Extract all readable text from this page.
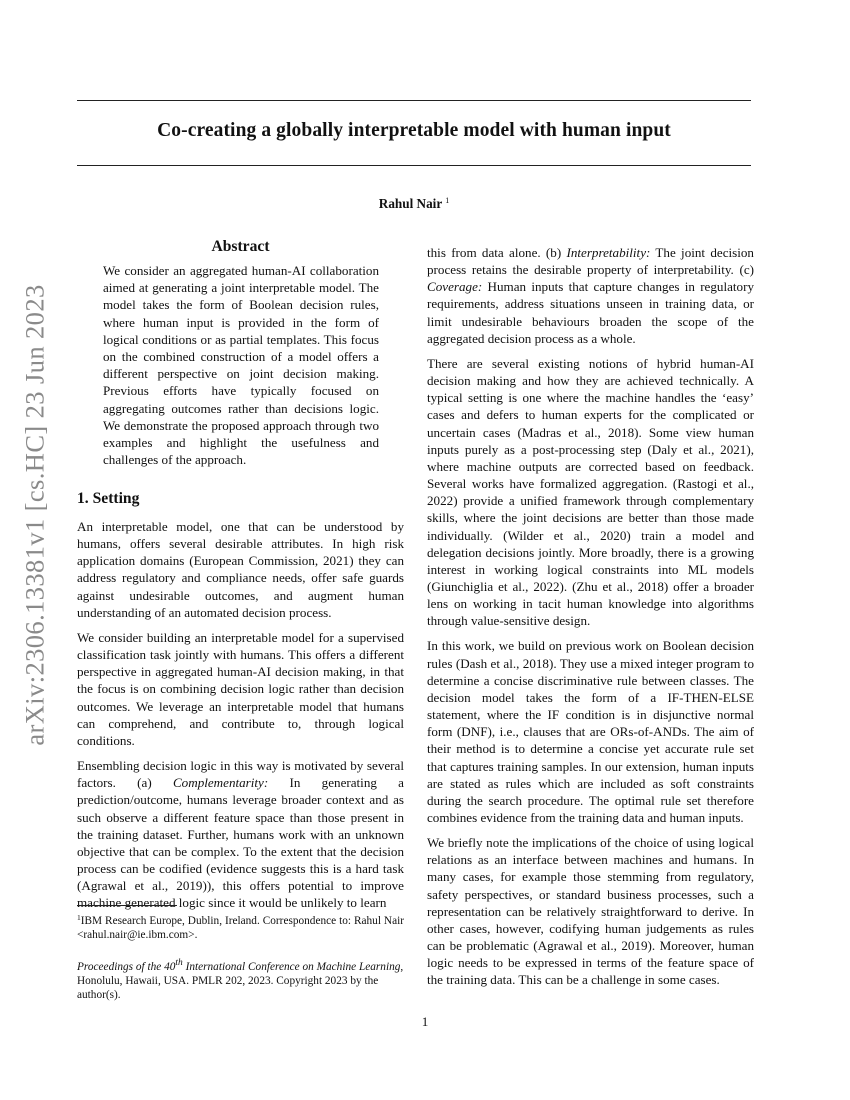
Co-creating a globally interpretable model with human input
Rahul Nair $^1$
arXiv:2306.13381v1 [cs.HC] 23 Jun 2023
Abstract
We consider an aggregated human-AI collaboration aimed at generating a joint interpretable model. The model takes the form of Boolean decision rules, where human input is provided in the form of logical conditions or as partial templates. This focus on the combined construction of a model offers a different perspective on joint decision making. Previous efforts have typically focused on aggregating outcomes rather than decisions logic. We demonstrate the proposed approach through two examples and highlight the usefulness and challenges of the approach.
1. Setting

An interpretable model, one that can be understood by humans, offers several desirable attributes. In high risk application domains (European Commission, 2021) they can address regulatory and compliance needs, offer safe guards against undesirable outcomes, and augment human understanding of an automated decision process.

We consider building an interpretable model for a supervised classification task jointly with humans. This offers a different perspective in aggregated human-AI decision making, in that the focus is on combining decision logic rather than decision outcomes. We leverage an interpretable model that humans can comprehend, and contribute to, through logical conditions.

Ensembling decision logic in this way is motivated by several factors. (a) Complementarity: In generating a prediction/outcome, humans leverage broader context and as such observe a different feature space than those present in the training dataset. Further, humans work with an unknown objective that can be complex. To the extent that the decision process can be codified (evidence suggests this is a hard task (Agrawal et al., 2019)), this offers potential to improve machine generated logic since it would be unlikely to learn

this from data alone. (b) Interpretability: The joint decision process retains the desirable property of interpretability. (c) Coverage: Human inputs that capture changes in regulatory requirements, address situations unseen in training data, or limit undesirable behaviours broaden the scope of the aggregated decision process as a whole.

There are several existing notions of hybrid human-AI decision making and how they are achieved technically. A typical setting is one where the machine handles the ‘easy’ cases and defers to human experts for the complicated or uncertain cases (Madras et al., 2018). Some view human inputs purely as a post-processing step (Daly et al., 2021), where machine outputs are corrected based on feedback. Several works have formalized aggregation. (Rastogi et al., 2022) provide a unified framework through complementary skills, where the joint decisions are better than those made individually. (Wilder et al., 2020) train a model and delegation decisions jointly. More broadly, there is a growing interest in working logical constraints into ML models (Giunchiglia et al., 2022). (Zhu et al., 2018) offer a broader lens on working in tacit human knowledge into algorithms through value-sensitive design.

In this work, we build on previous work on Boolean decision rules (Dash et al., 2018). They use a mixed integer program to determine a concise discriminative rule between classes. The decision model takes the form of a IF-THEN-ELSE statement, where the IF condition is in disjunctive normal form (DNF), i.e., clauses that are ORs-of-ANDs. The aim of their method is to determine a concise yet accurate rule set that captures training samples. In our extension, human inputs are stated as rules which are included as soft constraints during the search procedure. The optimal rule set therefore combines evidence from the training data and human inputs.

We briefly note the implications of the choice of using logical relations as an interface between machines and humans. In many cases, for example those stemming from regulatory, safety perspectives, or standard business processes, such a representation can be relatively straightforward to derive. In other cases, however, codifying human judgements as rules can be problematic (Agrawal et al., 2019). Moreover, human logic needs to be expressed in terms of the feature space of the training data. This can be a challenge in some cases.

$^1$IBM Research Europe, Dublin, Ireland. Correspondence to: Rahul Nair <rahul.nair@ie.ibm.com>.
Proceedings of the 40th International Conference on Machine Learning, Honolulu, Hawaii, USA. PMLR 202, 2023. Copyright 2023 by the author(s).
1
